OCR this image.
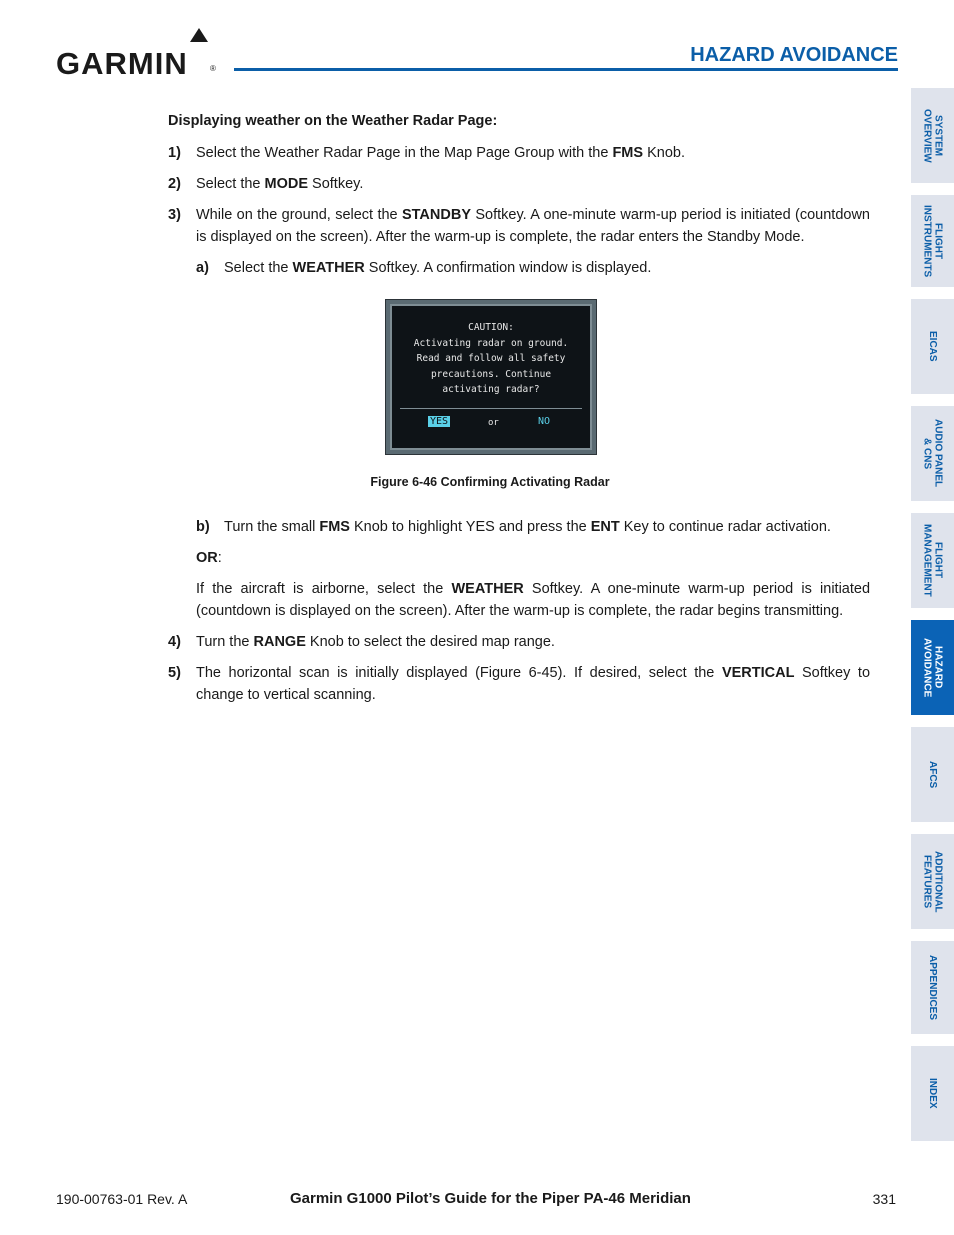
GARMIN	®
HAZARD AVOIDANCE
SYSTEM
OVERVIEW
FLIGHT
INSTRUMENTS
EICAS
AUDIO PANEL
& CNS
FLIGHT
MANAGEMENT
HAZARD
AVOIDANCE
AFCS
ADDITIONAL
FEATURES
APPENDICES
INDEX
Displaying weather on the Weather Radar Page:
1) Select the Weather Radar Page in the Map Page Group with the FMS Knob.
2) Select the MODE Softkey.
3) While on the ground, select the STANDBY Softkey. A one-minute warm-up period is initiated (countdown is displayed on the screen). After the warm-up is complete, the radar enters the Standby Mode.
a) Select the WEATHER Softkey. A confirmation window is displayed.
CAUTION:
Activating radar on ground.
Read and follow all safety
precautions. Continue
activating radar?
YES	or	NO
Figure 6-46 Confirming Activating Radar
b) Turn the small FMS Knob to highlight YES and press the ENT Key to continue radar activation.
OR:
If the aircraft is airborne, select the WEATHER Softkey. A one-minute warm-up period is initiated (countdown is displayed on the screen). After the warm-up is complete, the radar begins transmitting.
4) Turn the RANGE Knob to select the desired map range.
5) The horizontal scan is initially displayed (Figure 6-45). If desired, select the VERTICAL Softkey to change to vertical scanning.
190-00763-01 Rev. A	Garmin G1000 Pilot’s Guide for the Piper PA-46 Meridian	331
